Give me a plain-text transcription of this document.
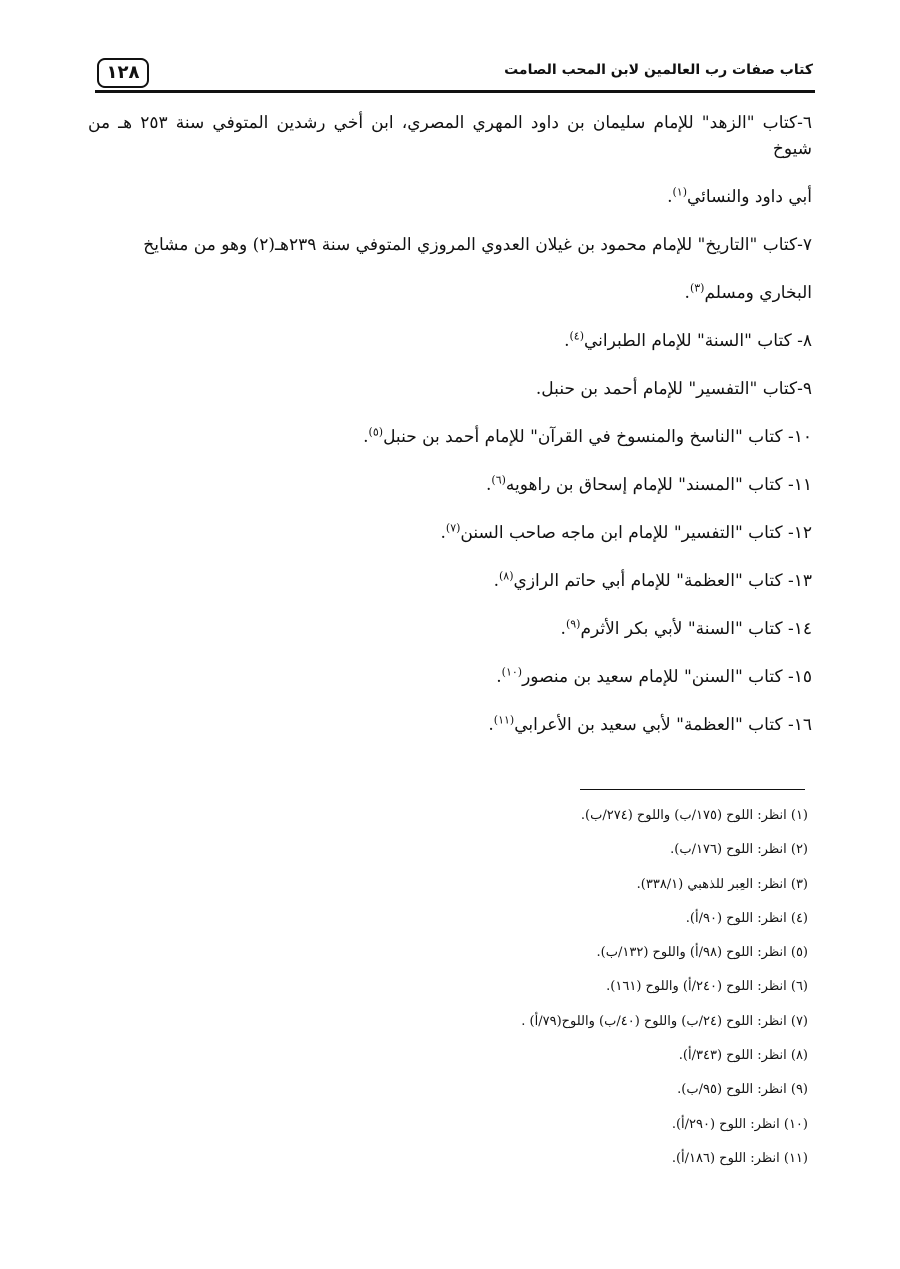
١٢٨	كتاب صفات رب العالمين لابن المحب الصامت
٦-كتاب "الزهد" للإمام سليمان بن داود المهري المصري، ابن أخي رشدين المتوفي سنة ٢٥٣ هـ من شيوخ
أبي داود والنسائي$^{(١)}$.
٧-كتاب "التاريخ" للإمام محمود بن غيلان العدوي المروزي المتوفي سنة ٢٣٩هـ(٢) وهو من مشايخ
البخاري ومسلم$^{(٣)}$.
٨- كتاب "السنة" للإمام الطبراني$^{(٤)}$.
٩-كتاب "التفسير" للإمام أحمد بن حنبل.
١٠- كتاب "الناسخ والمنسوخ في القرآن" للإمام أحمد بن حنبل$^{(٥)}$.
١١- كتاب "المسند" للإمام إسحاق بن راهويه$^{(٦)}$.
١٢- كتاب "التفسير" للإمام ابن ماجه صاحب السنن$^{(٧)}$.
١٣- كتاب "العظمة" للإمام أبي حاتم الرازي$^{(٨)}$.
١٤- كتاب "السنة" لأبي بكر الأثرم$^{(٩)}$.
١٥- كتاب "السنن" للإمام سعيد بن منصور$^{(١٠)}$.
١٦- كتاب "العظمة" لأبي سعيد بن الأعرابي$^{(١١)}$.
(١) انظر: اللوح (١٧٥/ب) واللوح (٢٧٤/ب).
(٢) انظر: اللوح (١٧٦/ب).
(٣) انظر: العِبر للذهبي (٣٣٨/١).
(٤) انظر: اللوح (٩٠/أ).
(٥) انظر: اللوح (٩٨/أ) واللوح (١٣٢/ب).
(٦) انظر: اللوح (٢٤٠/أ) واللوح (١٦١).
(٧) انظر: اللوح (٢٤/ب) واللوح (٤٠/ب) واللوح(٧٩/أ) .
(٨) انظر: اللوح (٣٤٣/أ).
(٩) انظر: اللوح (٩٥/ب).
(١٠) انظر: اللوح (٢٩٠/أ).
(١١) انظر: اللوح (١٨٦/أ).
